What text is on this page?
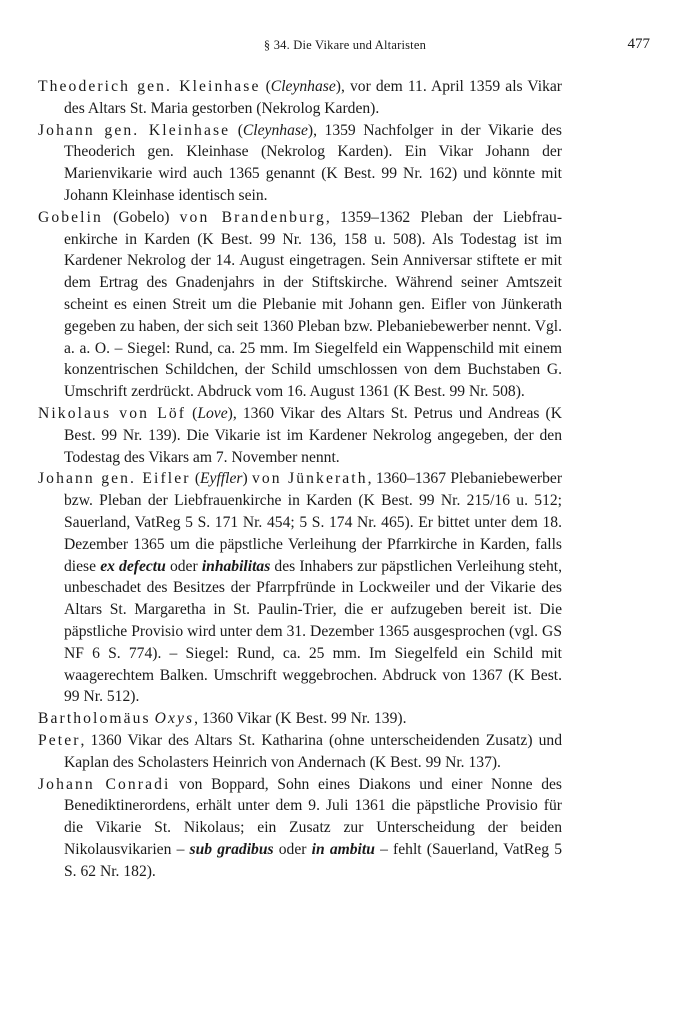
§ 34. Die Vikare und Altaristen	477

Theoderich gen. Kleinhase (Cleynhase), vor dem 11. April 1359 als Vikar des Altars St. Maria gestorben (Nekrolog Karden).

Johann gen. Kleinhase (Cleynhase), 1359 Nachfolger in der Vikarie des Theoderich gen. Kleinhase (Nekrolog Karden). Ein Vikar Johann der Marienvikarie wird auch 1365 genannt (K Best. 99 Nr. 162) und könnte mit Johann Kleinhase identisch sein.

Gobelin (Gobelo) von Brandenburg, 1359–1362 Pleban der Liebfrauenkirche in Karden (K Best. 99 Nr. 136, 158 u. 508). Als Todestag ist im Kardener Nekrolog der 14. August eingetragen. Sein Anniversar stiftete er mit dem Ertrag des Gnadenjahrs in der Stiftskirche. Während seiner Amtszeit scheint es einen Streit um die Plebanie mit Johann gen. Eifler von Jünkerath gegeben zu haben, der sich seit 1360 Pleban bzw. Plebaniebewerber nennt. Vgl. a. a. O. – Siegel: Rund, ca. 25 mm. Im Siegelfeld ein Wappenschild mit einem konzentrischen Schildchen, der Schild umschlossen von dem Buchstaben G. Umschrift zerdrückt. Abdruck vom 16. August 1361 (K Best. 99 Nr. 508).

Nikolaus von Löf (Love), 1360 Vikar des Altars St. Petrus und Andreas (K Best. 99 Nr. 139). Die Vikarie ist im Kardener Nekrolog angegeben, der den Todestag des Vikars am 7. November nennt.

Johann gen. Eifler (Eyffler) von Jünkerath, 1360–1367 Plebaniebewerber bzw. Pleban der Liebfrauenkirche in Karden (K Best. 99 Nr. 215/16 u. 512; Sauerland, VatReg 5 S. 171 Nr. 454; 5 S. 174 Nr. 465). Er bittet unter dem 18. Dezember 1365 um die päpstliche Verleihung der Pfarrkirche in Karden, falls diese ex defectu oder inhabilitas des Inhabers zur päpstlichen Verleihung steht, unbeschadet des Besitzes der Pfarrpfründe in Lockweiler und der Vikarie des Altars St. Margaretha in St. Paulin-Trier, die er aufzugeben bereit ist. Die päpstliche Provisio wird unter dem 31. Dezember 1365 ausgesprochen (vgl. GS NF 6 S. 774). – Siegel: Rund, ca. 25 mm. Im Siegelfeld ein Schild mit waagerechtem Balken. Umschrift weggebrochen. Abdruck von 1367 (K Best. 99 Nr. 512).

Bartholomäus Oxys, 1360 Vikar (K Best. 99 Nr. 139).

Peter, 1360 Vikar des Altars St. Katharina (ohne unterscheidenden Zusatz) und Kaplan des Scholasters Heinrich von Andernach (K Best. 99 Nr. 137).

Johann Conradi von Boppard, Sohn eines Diakons und einer Nonne des Benediktinerordens, erhält unter dem 9. Juli 1361 die päpstliche Provisio für die Vikarie St. Nikolaus; ein Zusatz zur Unterscheidung der beiden Nikolausvikarien – sub gradibus oder in ambitu – fehlt (Sauerland, VatReg 5 S. 62 Nr. 182).
